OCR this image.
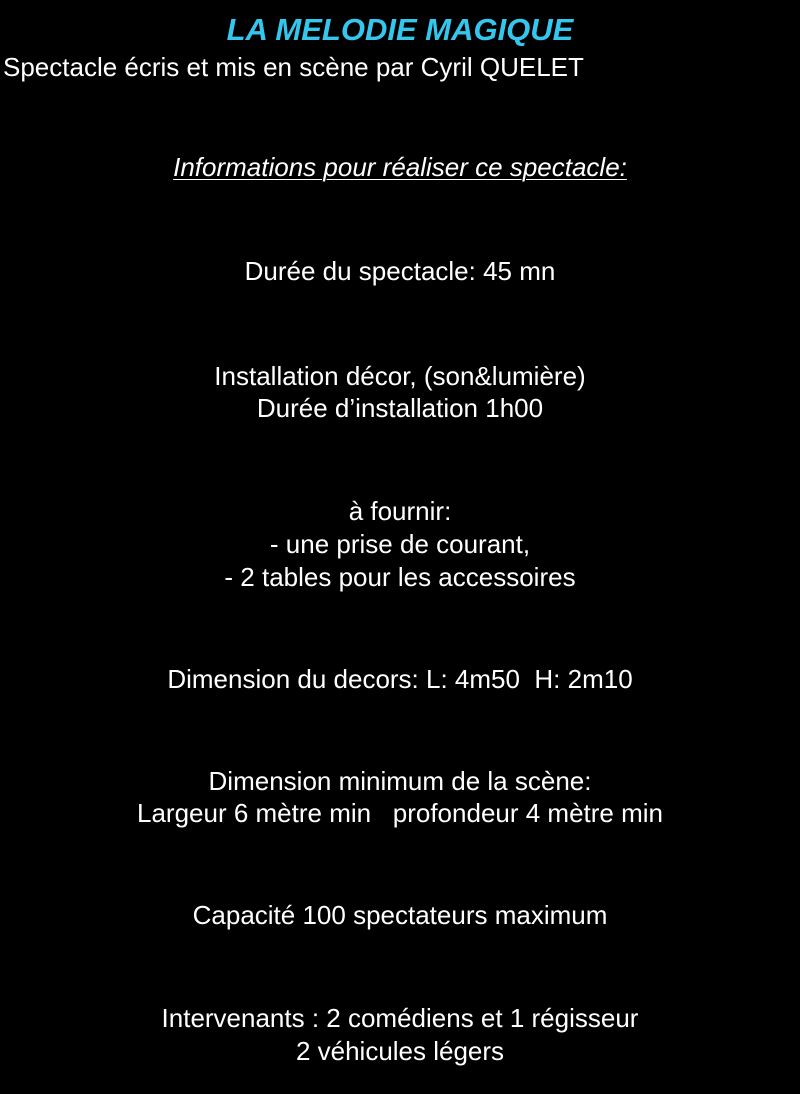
LA MELODIE MAGIQUE
Spectacle écris et mis en scène par Cyril QUELET
Informations pour réaliser ce spectacle:
Durée du spectacle: 45 mn
Installation décor, (son&lumière)
Durée d’installation 1h00
à fournir:
- une prise de courant,
- 2 tables pour les accessoires
Dimension du decors: L: 4m50  H: 2m10
Dimension minimum de la scène:
Largeur 6 mètre min   profondeur 4 mètre min
Capacité 100 spectateurs maximum
Intervenants : 2 comédiens et 1 régisseur
2 véhicules légers
